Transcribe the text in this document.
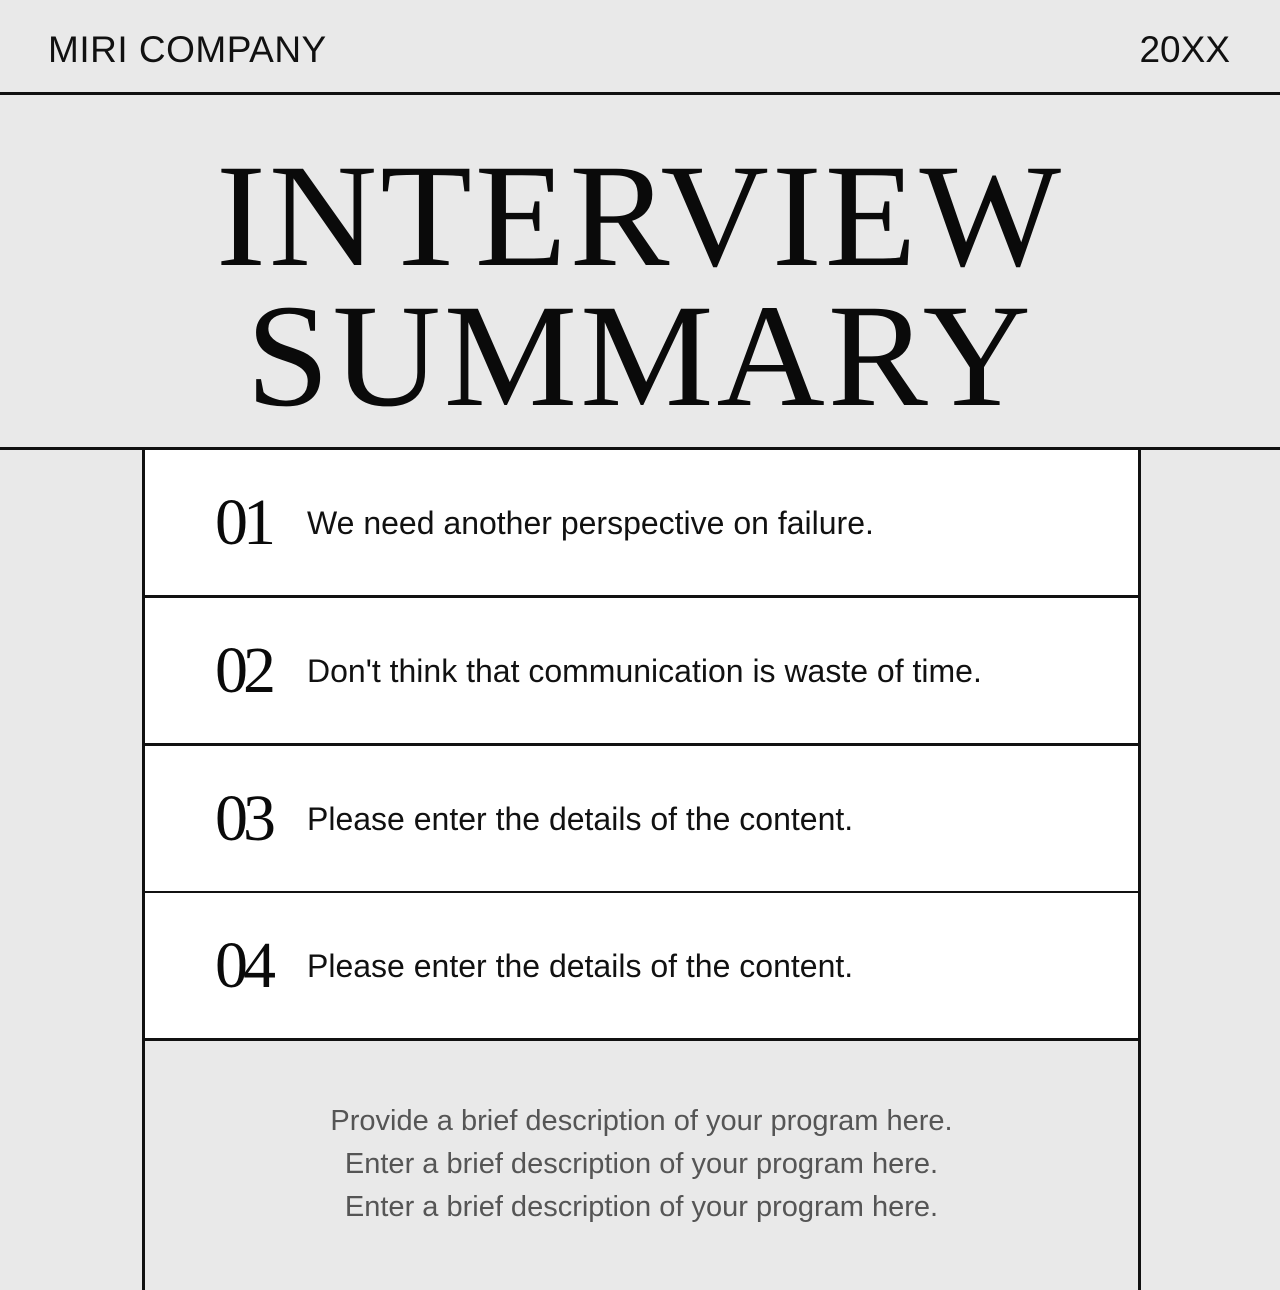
MIRI COMPANY	20XX
INTERVIEW
SUMMARY
01 We need another perspective on failure.
02 Don't think that communication is waste of time.
03 Please enter the details of the content.
04 Please enter the details of the content.
Provide a brief description of your program here.
Enter a brief description of your program here.
Enter a brief description of your program here.
